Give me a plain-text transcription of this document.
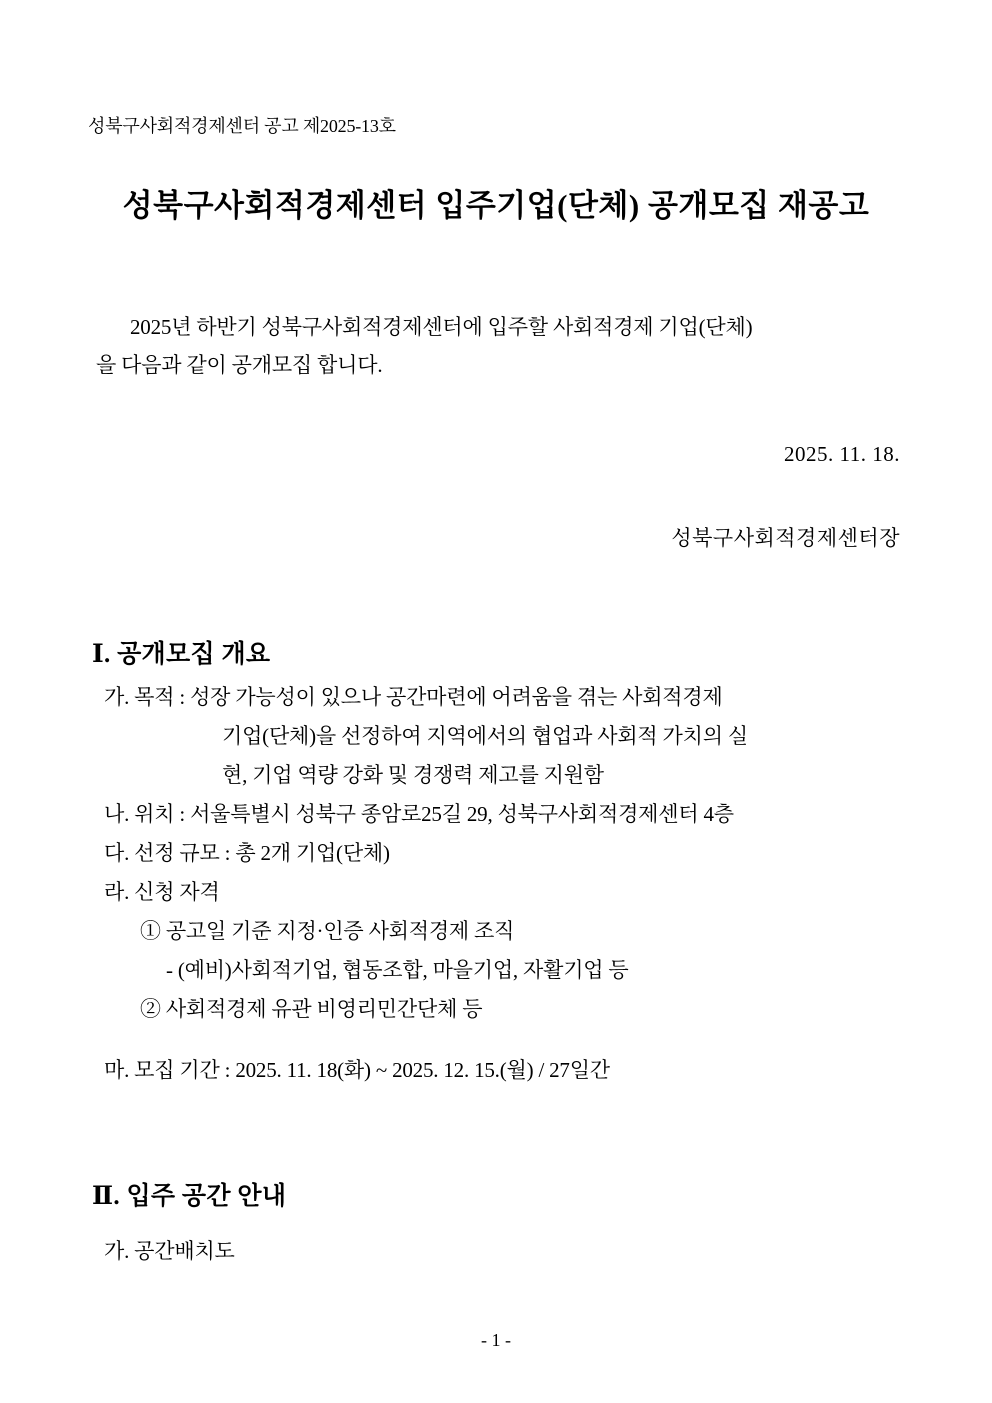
성북구사회적경제센터 공고 제2025-13호
성북구사회적경제센터 입주기업(단체) 공개모집 재공고
2025년 하반기 성북구사회적경제센터에 입주할 사회적경제 기업(단체)
을 다음과 같이 공개모집 합니다.
2025. 11. 18.
성북구사회적경제센터장
Ⅰ. 공개모집 개요
가. 목적 : 성장 가능성이 있으나 공간마련에 어려움을 겪는 사회적경제
기업(단체)을 선정하여 지역에서의 협업과 사회적 가치의 실
현, 기업 역량 강화 및 경쟁력 제고를 지원함
나. 위치 : 서울특별시 성북구 종암로25길 29, 성북구사회적경제센터 4층
다. 선정 규모 : 총 2개 기업(단체)
라. 신청 자격
① 공고일 기준 지정·인증 사회적경제 조직
- (예비)사회적기업, 협동조합, 마을기업, 자활기업 등
② 사회적경제 유관 비영리민간단체 등
마. 모집 기간 : 2025. 11. 18(화) ~ 2025. 12. 15.(월) / 27일간
Ⅱ. 입주 공간 안내
가. 공간배치도
- 1 -
